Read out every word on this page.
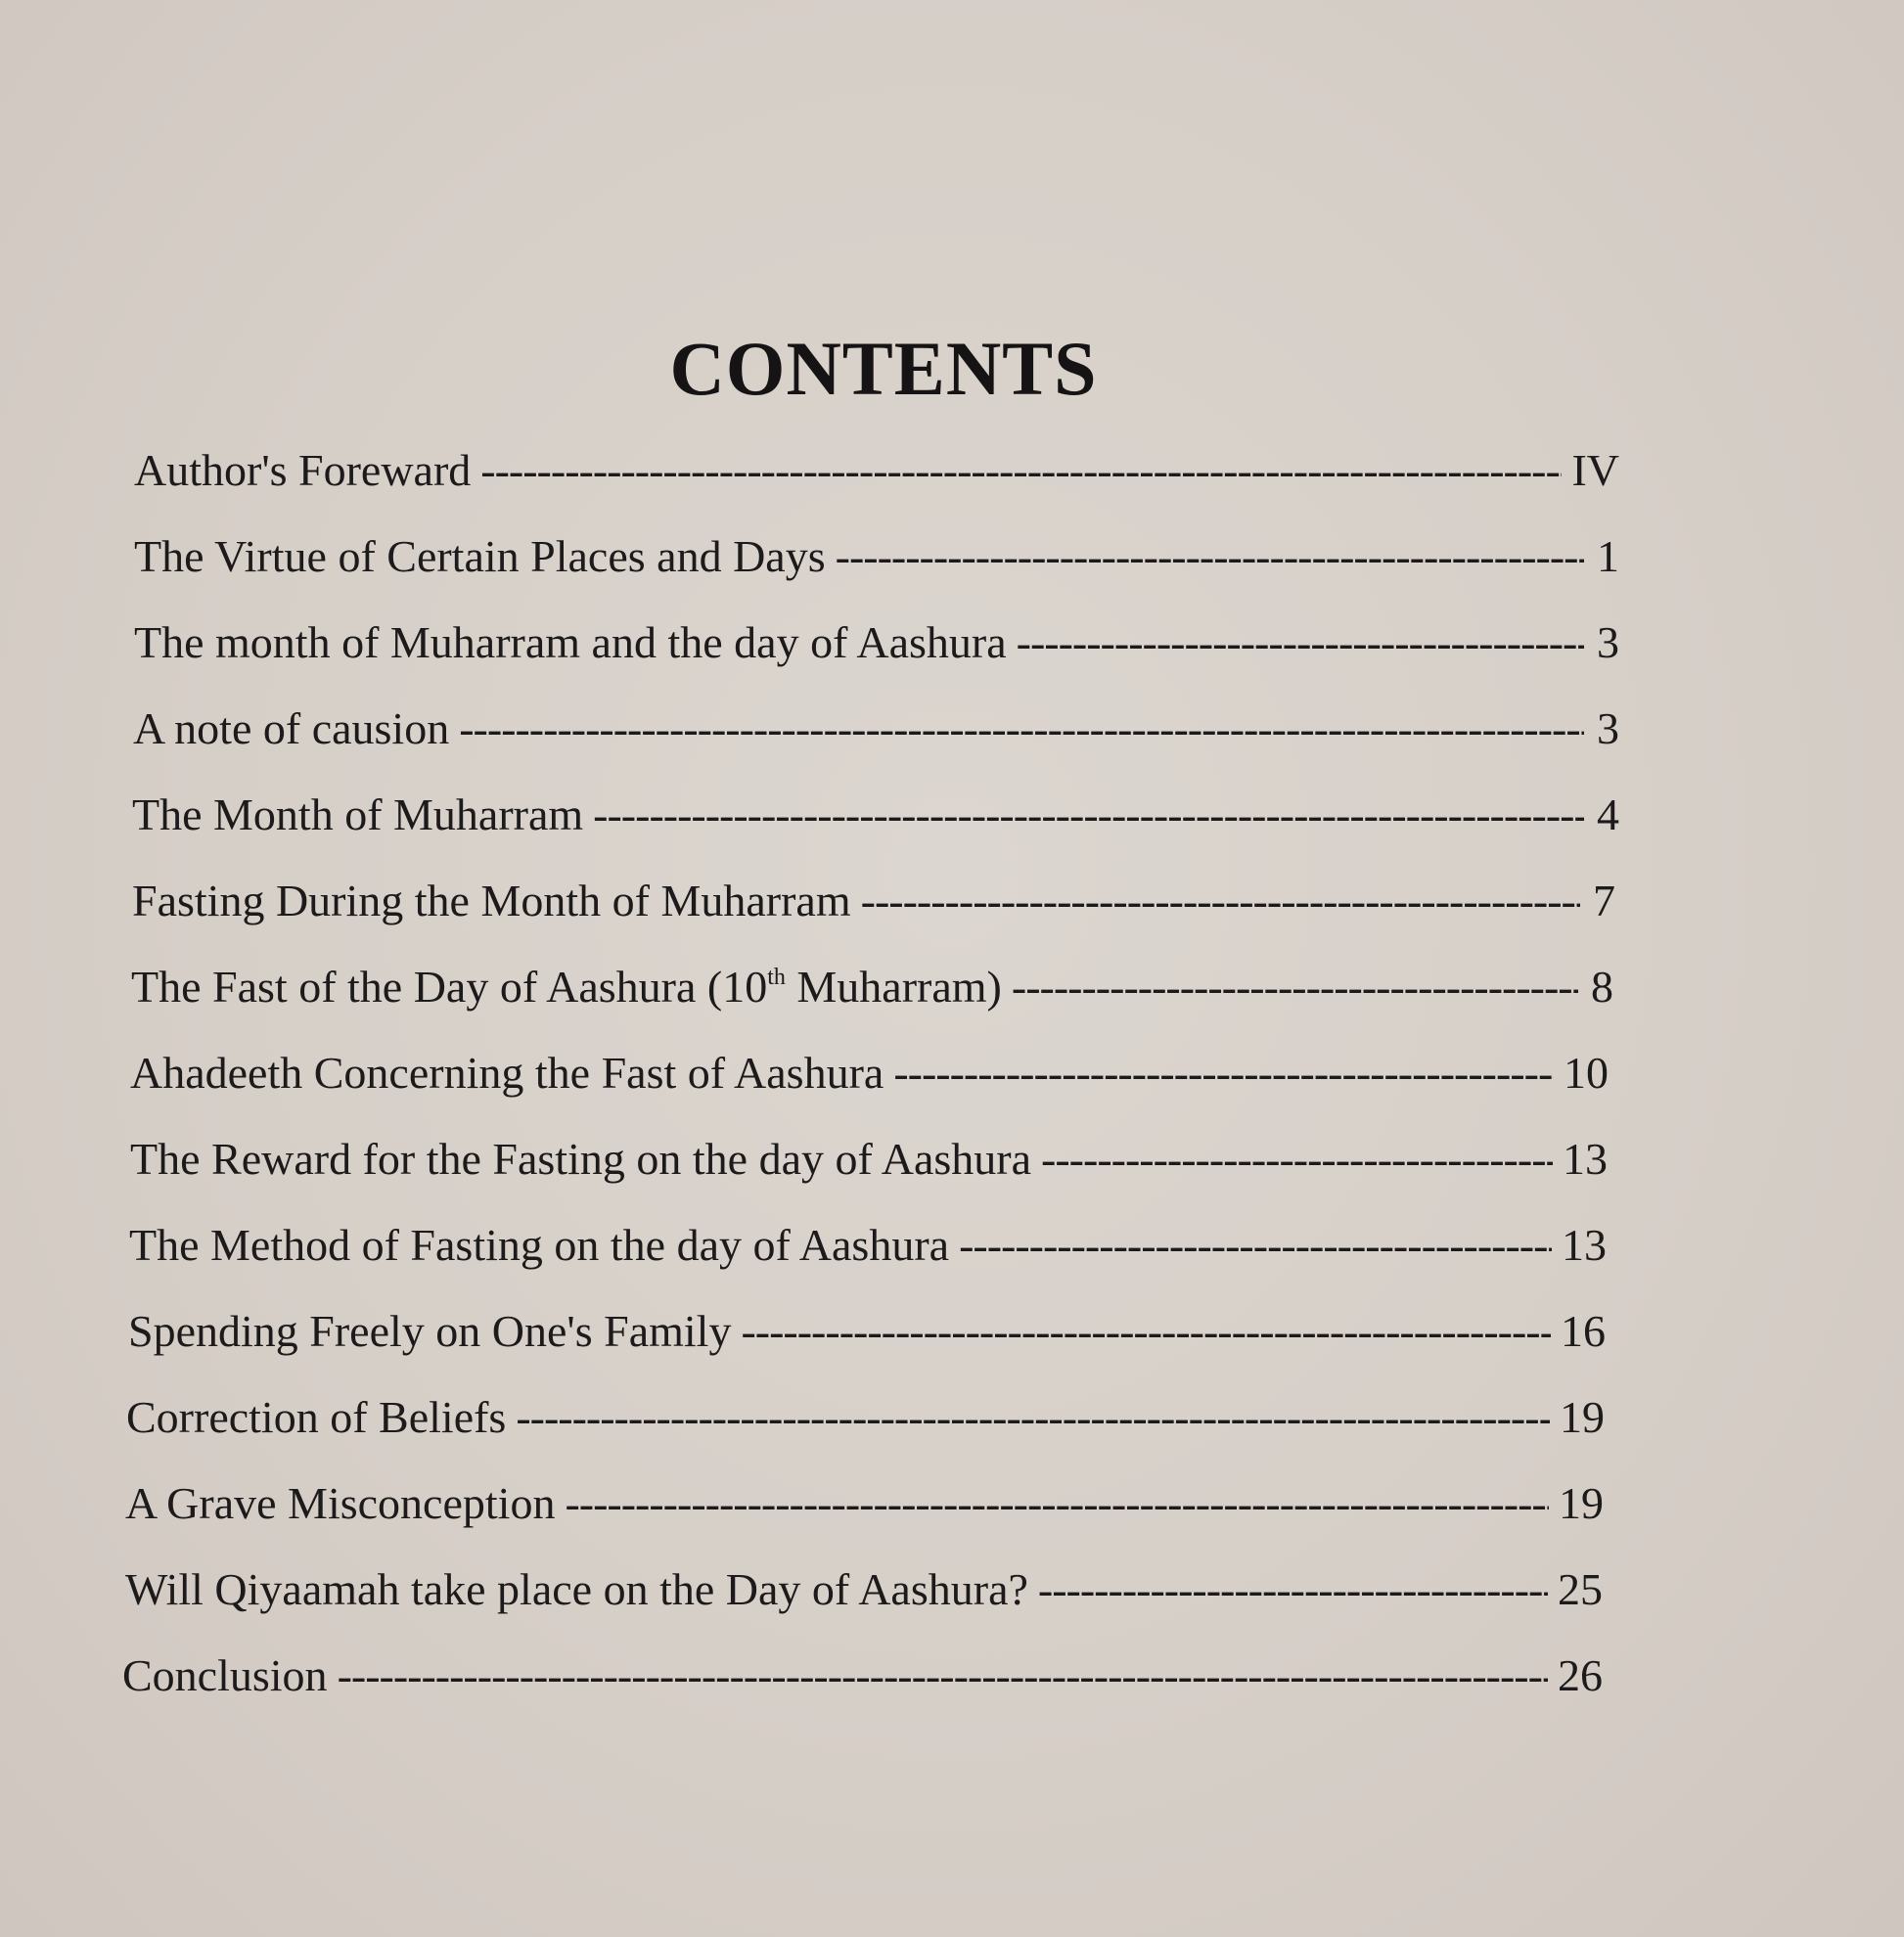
CONTENTS
Author's Foreward -----	IV
The Virtue of Certain Places and Days -----	1
The month of Muharram and the day of Aashura -----	3
A note of causion -----	3
The Month of Muharram -----	4
Fasting During the Month of Muharram -----	7
The Fast of the Day of Aashura (10th Muharram) -----	8
Ahadeeth Concerning the Fast of Aashura -----	10
The Reward for the Fasting on the day of Aashura -----	13
The Method of Fasting on the day of Aashura -----	13
Spending Freely on One's Family -----	16
Correction of Beliefs -----	19
A Grave Misconception -----	19
Will Qiyaamah take place on the Day of Aashura? -----	25
Conclusion -----	26
